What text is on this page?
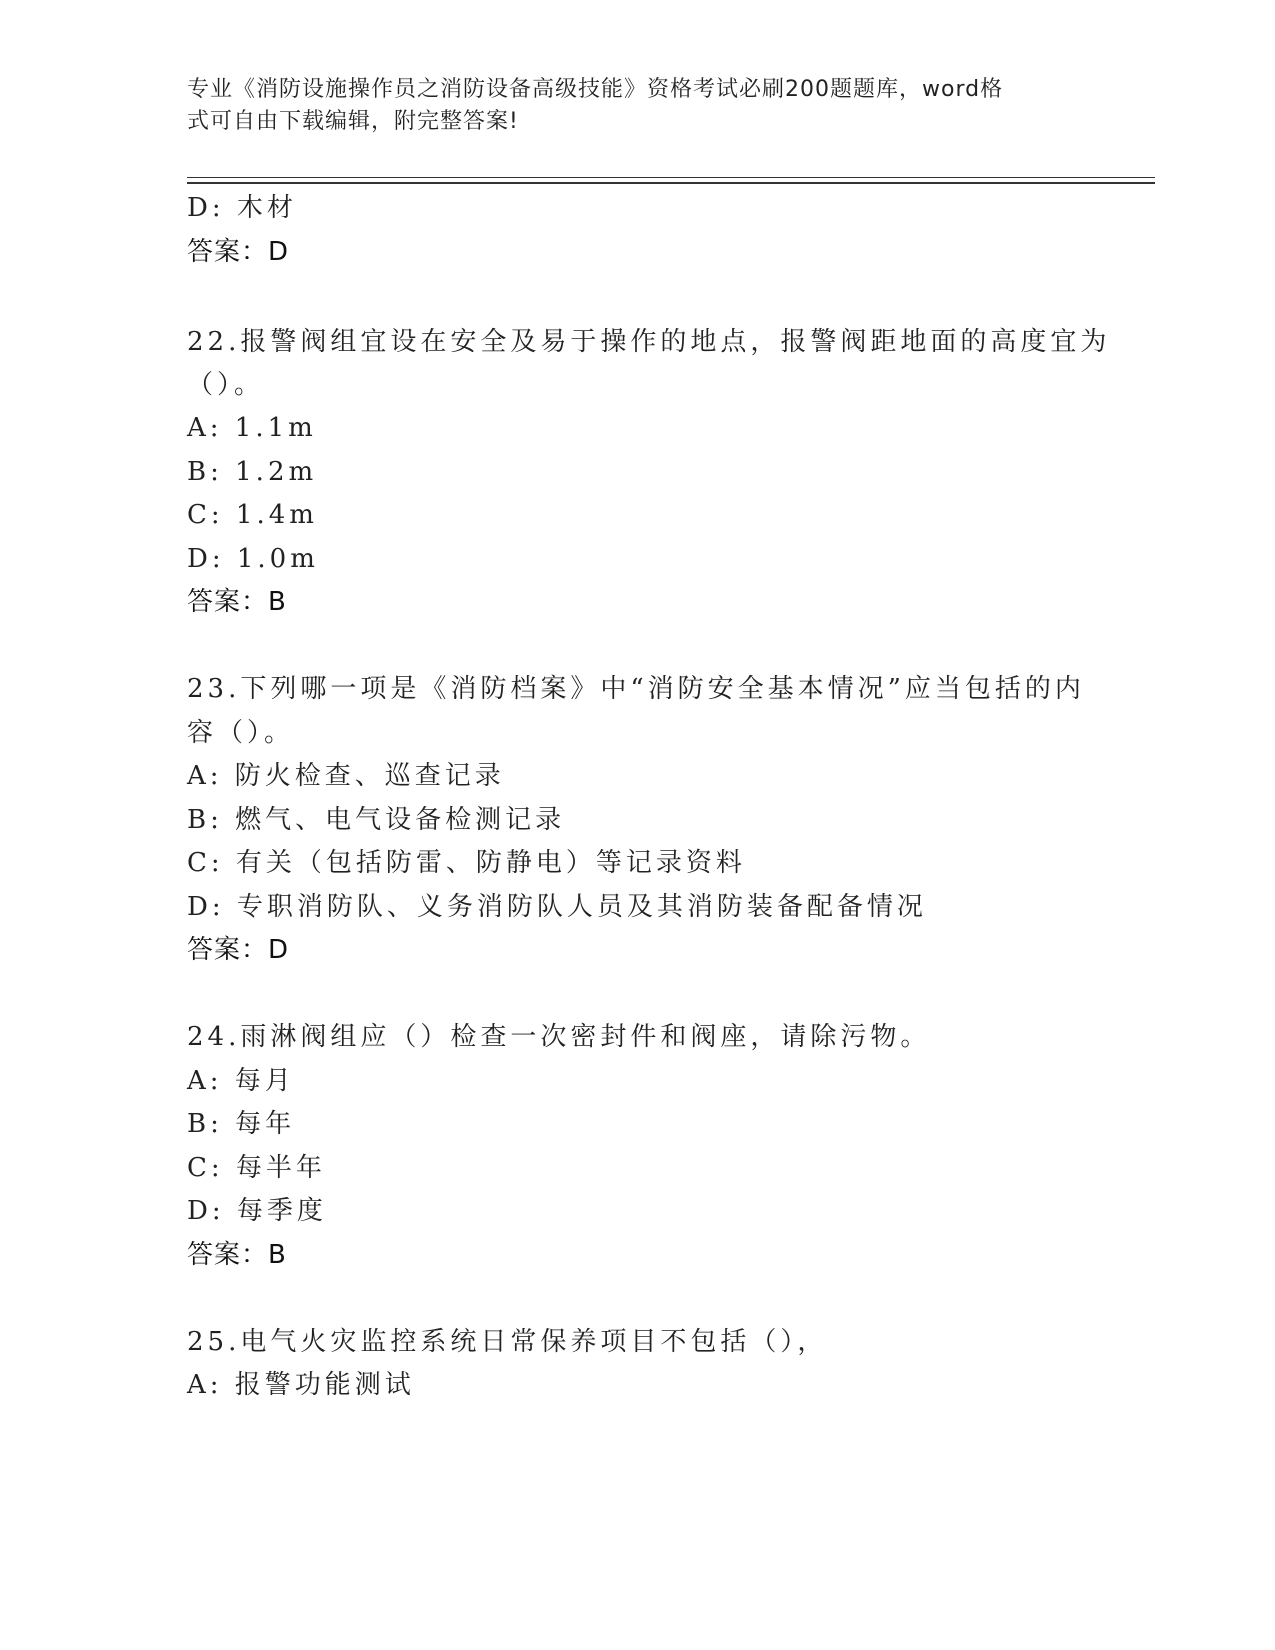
专业《消防设施操作员之消防设备高级技能》资格考试必刷200题题库，word格
式可自由下载编辑，附完整答案!
D: 木材
答案：D
22.报警阀组宜设在安全及易于操作的地点，报警阀距地面的高度宜为
（）。
A: 1.1m
B: 1.2m
C: 1.4m
D: 1.0m
答案：B
23.下列哪一项是《消防档案》中“消防安全基本情况”应当包括的内
容（）。
A: 防火检查、巡查记录
B: 燃气、电气设备检测记录
C: 有关（包括防雷、防静电）等记录资料
D: 专职消防队、义务消防队人员及其消防装备配备情况
答案：D
24.雨淋阀组应（）检查一次密封件和阀座，请除污物。
A: 每月
B: 每年
C: 每半年
D: 每季度
答案：B
25.电气火灾监控系统日常保养项目不包括（），
A: 报警功能测试
